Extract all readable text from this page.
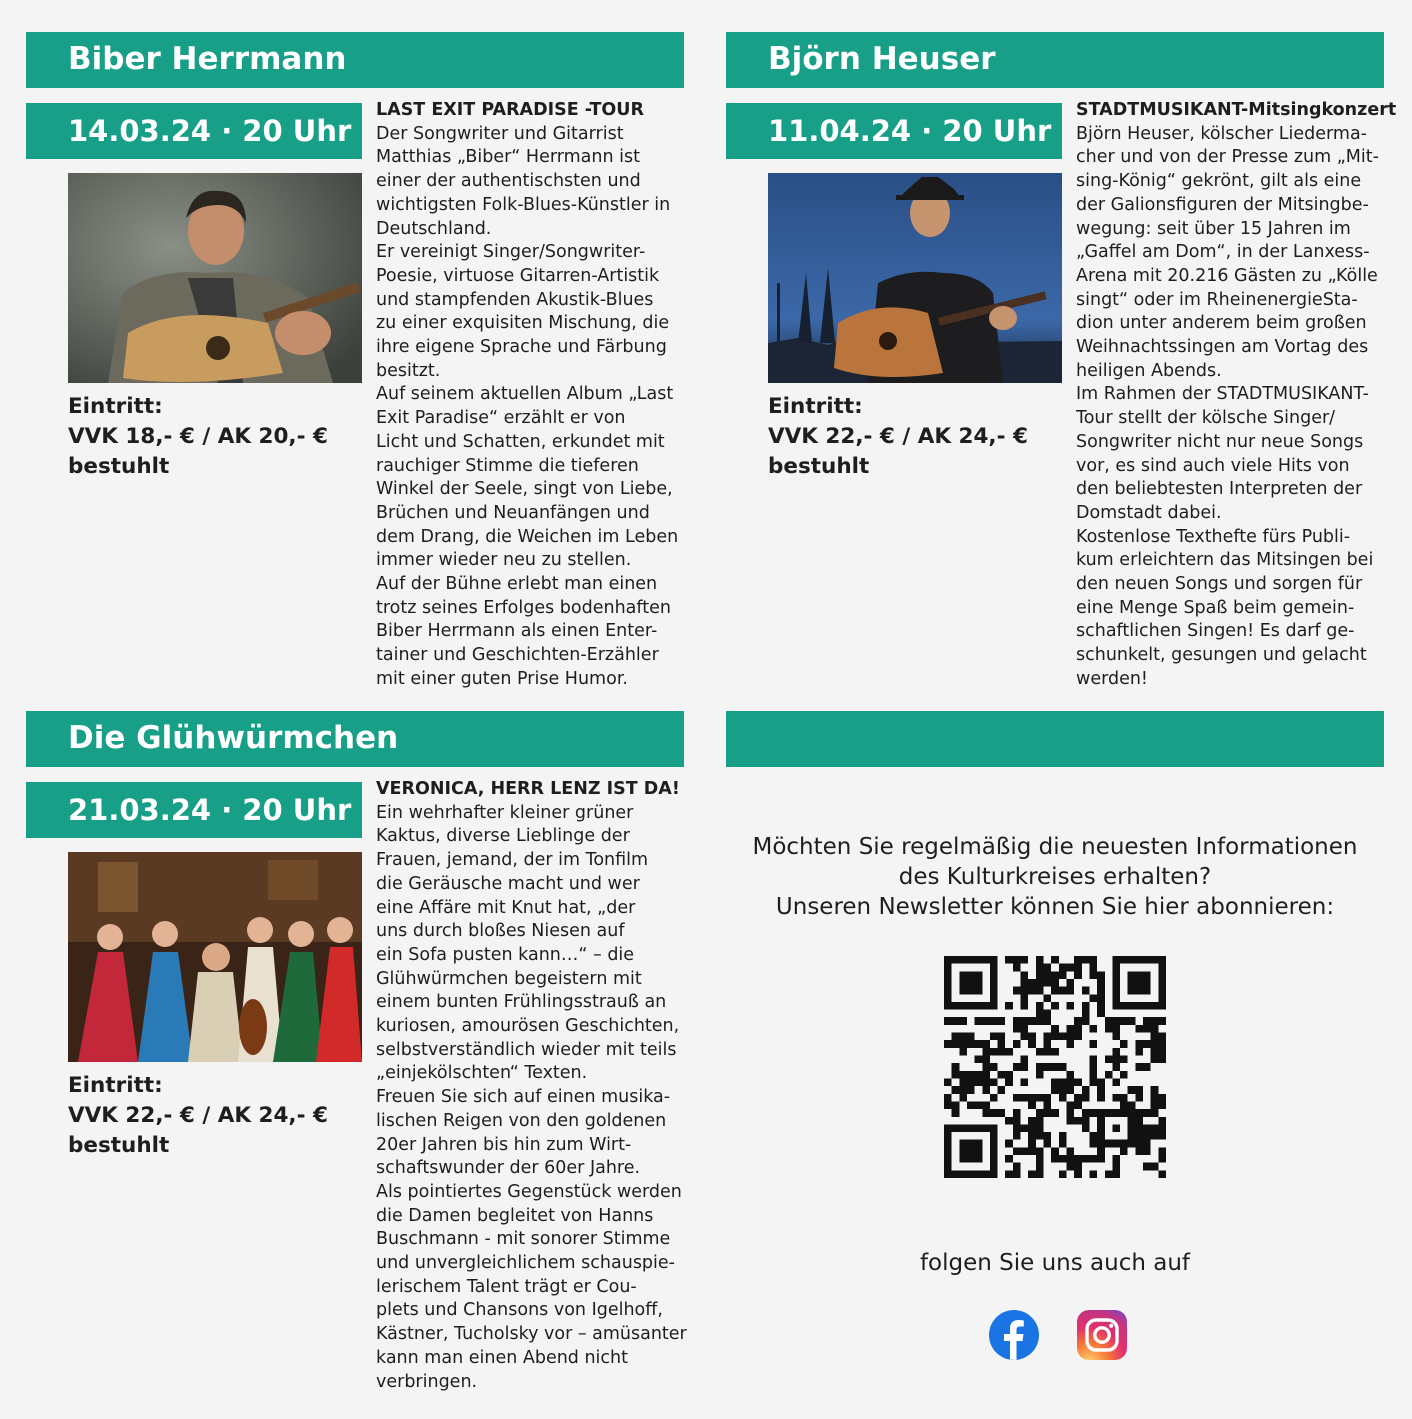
Biber Herrmann
14.03.24 · 20 Uhr
Eintritt:
VVK 18,- € / AK 20,- €
bestuhlt
LAST EXIT PARADISE -TOUR
Der Songwriter und Gitarrist
Matthias „Biber“ Herrmann ist
einer der authentischsten und
wichtigsten Folk-Blues-Künstler in
Deutschland.
Er vereinigt Singer/Songwriter-
Poesie, virtuose Gitarren-Artistik
und stampfenden Akustik-Blues
zu einer exquisiten Mischung, die
ihre eigene Sprache und Färbung
besitzt.
Auf seinem aktuellen Album „Last
Exit Paradise“ erzählt er von
Licht und Schatten, erkundet mit
rauchiger Stimme die tieferen
Winkel der Seele, singt von Liebe,
Brüchen und Neuanfängen und
dem Drang, die Weichen im Leben
immer wieder neu zu stellen.
Auf der Bühne erlebt man einen
trotz seines Erfolges bodenhaften
Biber Herrmann als einen Enter-
tainer und Geschichten-Erzähler
mit einer guten Prise Humor.
Björn Heuser
11.04.24 · 20 Uhr
Eintritt:
VVK 22,- € / AK 24,- €
bestuhlt
STADTMUSIKANT-Mitsingkonzert
Björn Heuser, kölscher Liederma-
cher und von der Presse zum „Mit-
sing-König“ gekrönt, gilt als eine
der Galionsfiguren der Mitsingbe-
wegung: seit über 15 Jahren im
„Gaffel am Dom“, in der Lanxess-
Arena mit 20.216 Gästen zu „Kölle
singt“ oder im RheinenergieSta-
dion unter anderem beim großen
Weihnachtssingen am Vortag des
heiligen Abends.
Im Rahmen der STADTMUSIKANT-
Tour stellt der kölsche Singer/
Songwriter nicht nur neue Songs
vor, es sind auch viele Hits von
den beliebtesten Interpreten der
Domstadt dabei.
Kostenlose Texthefte fürs Publi-
kum erleichtern das Mitsingen bei
den neuen Songs und sorgen für
eine Menge Spaß beim gemein-
schaftlichen Singen! Es darf ge-
schunkelt, gesungen und gelacht
werden!
Die Glühwürmchen
21.03.24 · 20 Uhr
Eintritt:
VVK 22,- € / AK 24,- €
bestuhlt
VERONICA, HERR LENZ IST DA!
Ein wehrhafter kleiner grüner
Kaktus, diverse Lieblinge der
Frauen, jemand, der im Tonfilm
die Geräusche macht und wer
eine Affäre mit Knut hat, „der
uns durch bloßes Niesen auf
ein Sofa pusten kann…“ – die
Glühwürmchen begeistern mit
einem bunten Frühlingsstrauß an
kuriosen, amourösen Geschichten,
selbstverständlich wieder mit teils
„einjekölschten“ Texten.
Freuen Sie sich auf einen musika-
lischen Reigen von den goldenen
20er Jahren bis hin zum Wirt-
schaftswunder der 60er Jahre.
Als pointiertes Gegenstück werden
die Damen begleitet von Hanns
Buschmann - mit sonorer Stimme
und unvergleichlichem schauspie-
lerischem Talent trägt er Cou-
plets und Chansons von Igelhoff,
Kästner, Tucholsky vor – amüsanter
kann man einen Abend nicht
verbringen.
Möchten Sie regelmäßig die neuesten Informationen
des Kulturkreises erhalten?
Unseren Newsletter können Sie hier abonnieren:
folgen Sie uns auch auf
